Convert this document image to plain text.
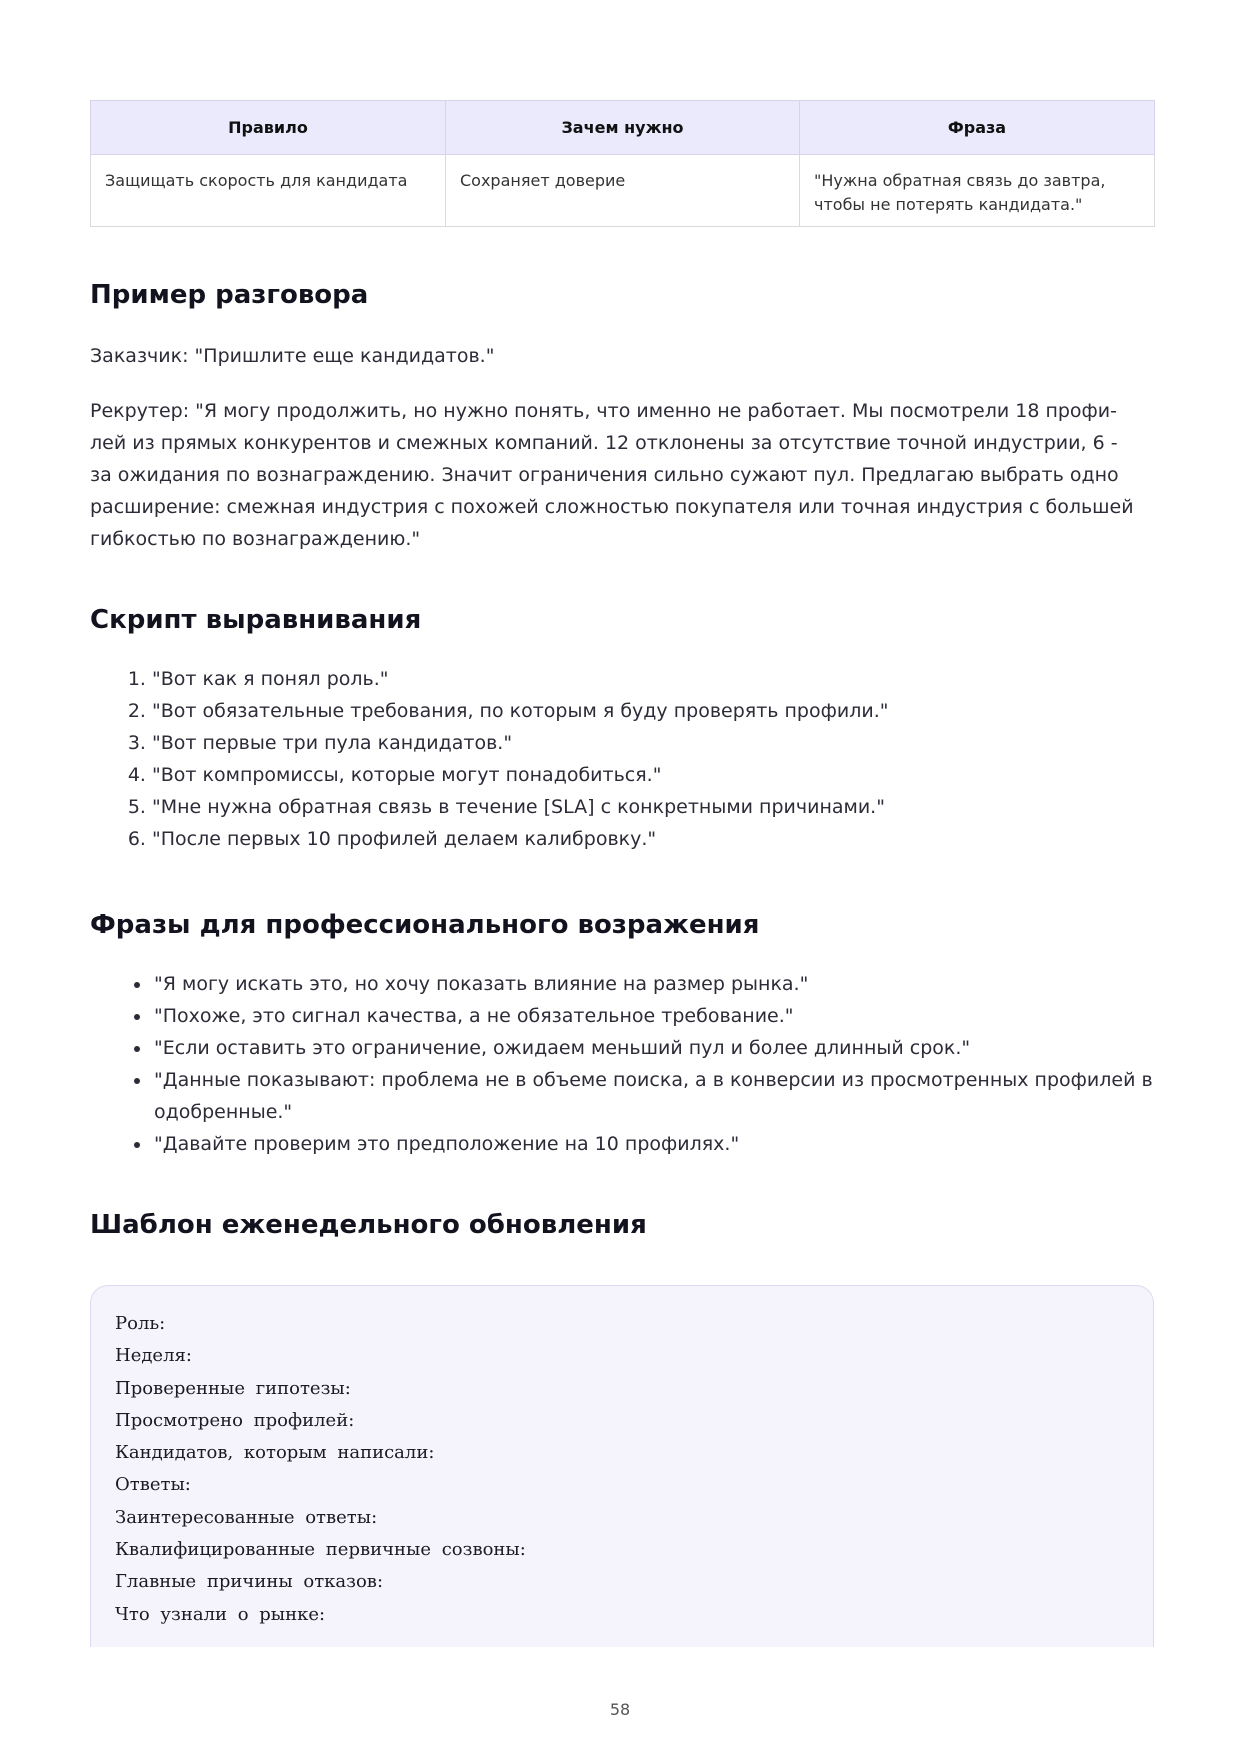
Правило	Зачем нужно	Фраза
Защищать скорость для кандидата	Сохраняет доверие	"Нужна обратная связь до завтра, чтобы не потерять кандидата."
Пример разговора

Заказчик: "Пришлите еще кандидатов."

Рекрутер: "Я могу продолжить, но нужно понять, что именно не работает. Мы посмотрели 18 профилей из прямых конкурентов и смежных компаний. 12 отклонены за отсутствие точной индустрии, 6 - за ожидания по вознаграждению. Значит ограничения сильно сужают пул. Предлагаю выбрать одно расширение: смежная индустрия с похожей сложностью покупателя или точная индустрия с большей гибкостью по вознаграждению."

Скрипт выравнивания
1. "Вот как я понял роль."
2. "Вот обязательные требования, по которым я буду проверять профили."
3. "Вот первые три пула кандидатов."
4. "Вот компромиссы, которые могут понадобиться."
5. "Мне нужна обратная связь в течение [SLA] с конкретными причинами."
6. "После первых 10 профилей делаем калибровку."
Фразы для профессионального возражения
• "Я могу искать это, но хочу показать влияние на размер рынка."
• "Похоже, это сигнал качества, а не обязательное требование."
• "Если оставить это ограничение, ожидаем меньший пул и более длинный срок."
• "Данные показывают: проблема не в объеме поиска, а в конверсии из просмотренных профилей в одобренные."
• "Давайте проверим это предположение на 10 профилях."
Шаблон еженедельного обновления
Роль:
Неделя:
Проверенные гипотезы:
Просмотрено профилей:
Кандидатов, которым написали:
Ответы:
Заинтересованные ответы:
Квалифицированные первичные созвоны:
Главные причины отказов:
Что узнали о рынке:
58
